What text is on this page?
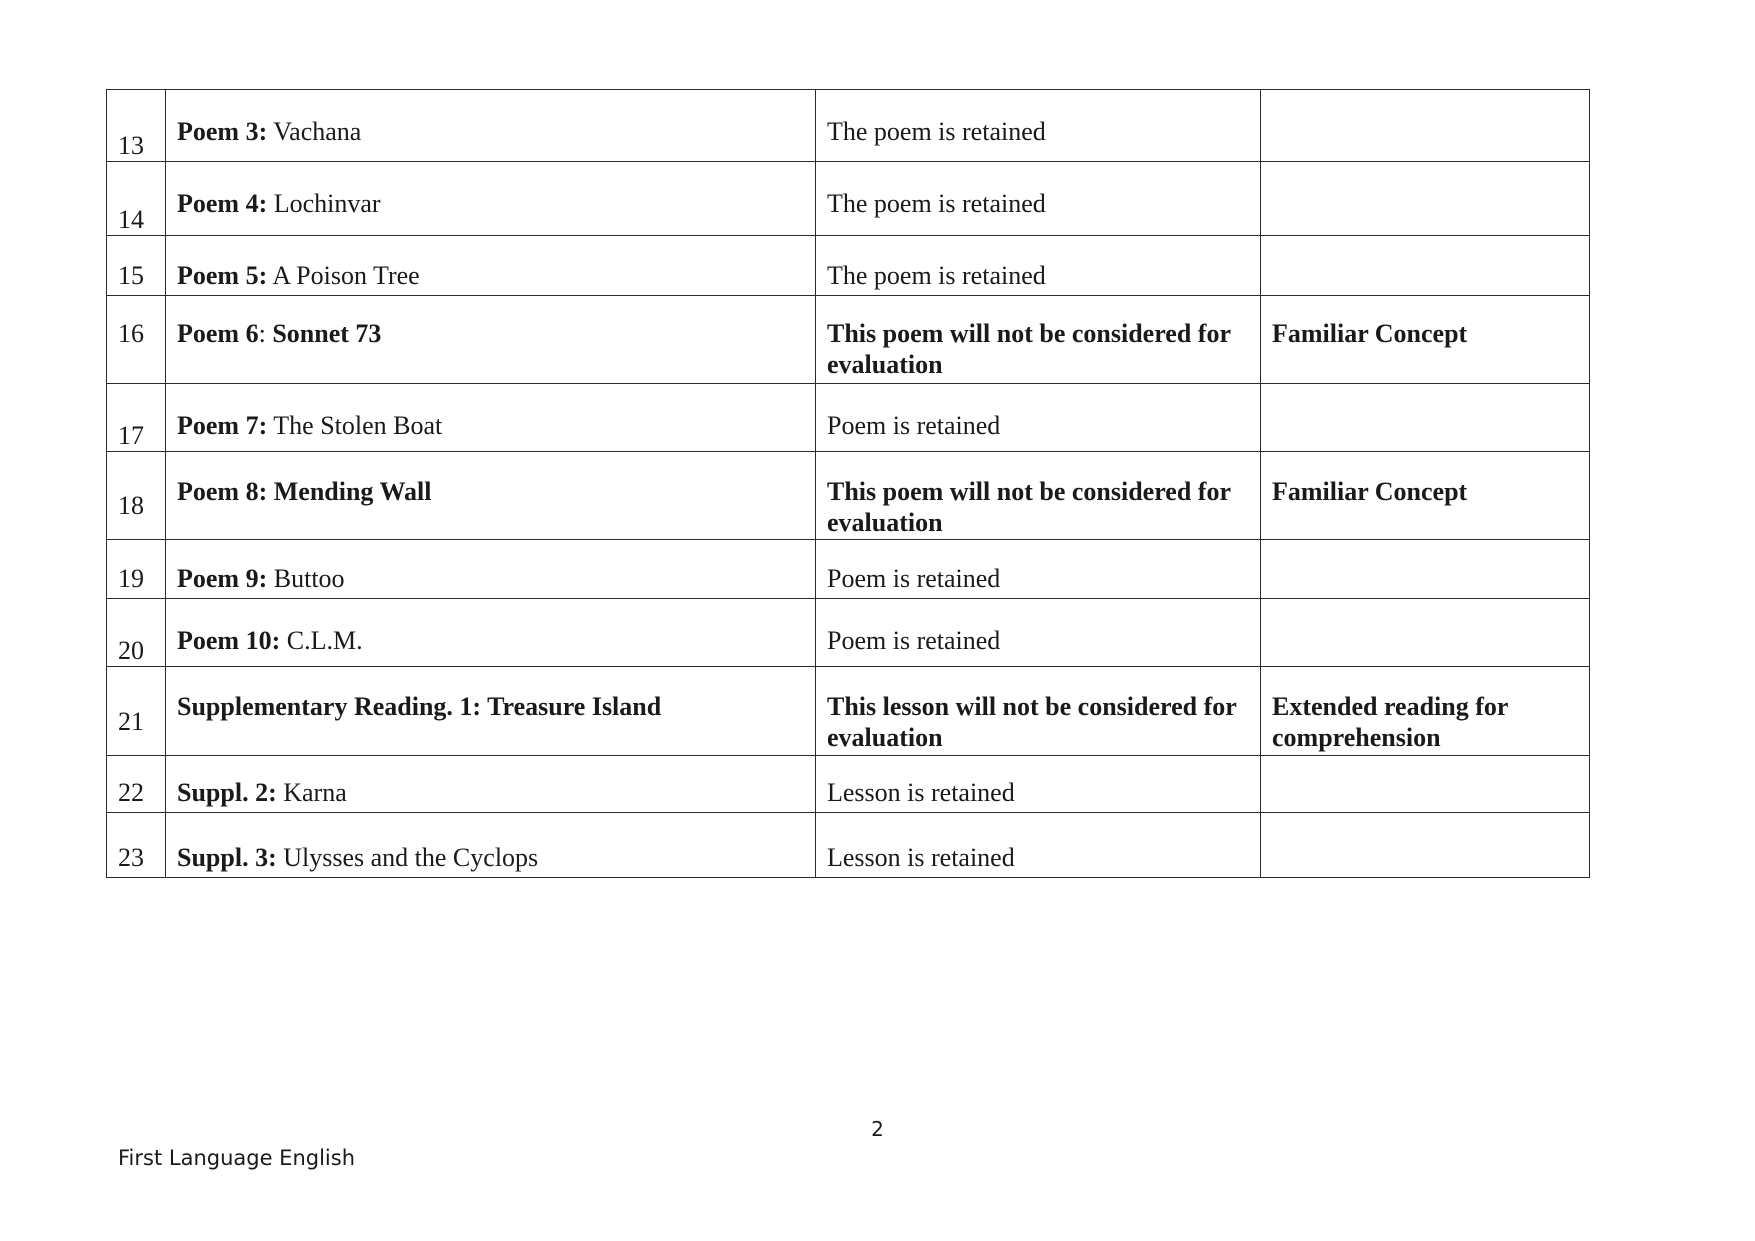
13	Poem 3: Vachana	The poem is retained	
14	Poem 4: Lochinvar	The poem is retained	
15	Poem 5: A Poison Tree	The poem is retained	
16	Poem 6: Sonnet 73	This poem will not be considered for evaluation	Familiar Concept
17	Poem 7: The Stolen Boat	Poem is retained	
18	Poem 8: Mending Wall	This poem will not be considered for evaluation	Familiar Concept
19	Poem 9: Buttoo	Poem is retained	
20	Poem 10: C.L.M.	Poem is retained	
21	Supplementary Reading. 1: Treasure Island	This lesson will not be considered for evaluation	Extended reading for comprehension
22	Suppl. 2: Karna	Lesson is retained	
23	Suppl. 3: Ulysses and the Cyclops	Lesson is retained	
2
First Language English
